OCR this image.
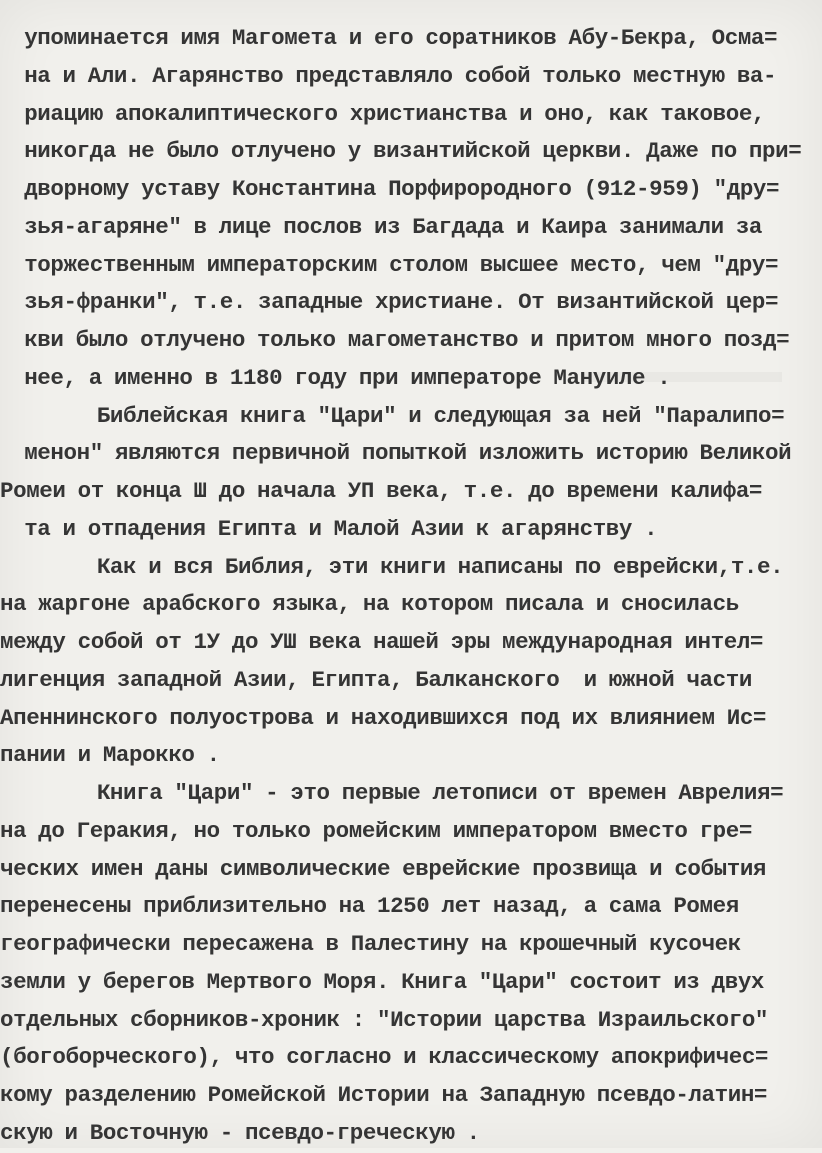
упоминается имя Магомета и его соратников Абу-Бекра, Осма=
на и Али. Агарянство представляло собой только местную ва-
риацию апокалиптического христианства и оно, как таковое,
никогда не было отлучено у византийской церкви. Даже по при=
дворному уставу Константина Порфирородного (912-959) "дру=
зья-агаряне" в лице послов из Багдада и Каира занимали за
торжественным императорским столом высшее место, чем "дру=
зья-франки", т.е. западные христиане. От византийской цер=
кви было отлучено только магометанство и притом много позд=
нее, а именно в 1180 году при императоре Мануиле .
Библейская книга "Цари" и следующая за ней "Паралипо=
менон" являются первичной попыткой изложить историю Великой
Ромеи от конца Ш до начала УП века, т.е. до времени калифа=
та и отпадения Египта и Малой Азии к агарянству .
Как и вся Библия, эти книги написаны по еврейски,т.е.
на жаргоне арабского языка, на котором писала и сносилась
между собой от 1У до УШ века нашей эры международная интел=
лигенция западной Азии, Египта, Балканского  и южной части
Апеннинского полуострова и находившихся под их влиянием Ис=
пании и Марокко .
Книга "Цари" - это первые летописи от времен Аврелия=
на до Геракия, но только ромейским императором вместо гре=
ческих имен даны символические еврейские прозвища и события
перенесены приблизительно на 1250 лет назад, а сама Ромея
географически пересажена в Палестину на крошечный кусочек
земли у берегов Мертвого Моря. Книга "Цари" состоит из двух
отдельных сборников-хроник : "Истории царства Израильского"
(богоборческого), что согласно и классическому апокрифичес=
кому разделению Ромейской Истории на Западную псевдо-латин=
скую и Восточную - псевдо-греческую .
